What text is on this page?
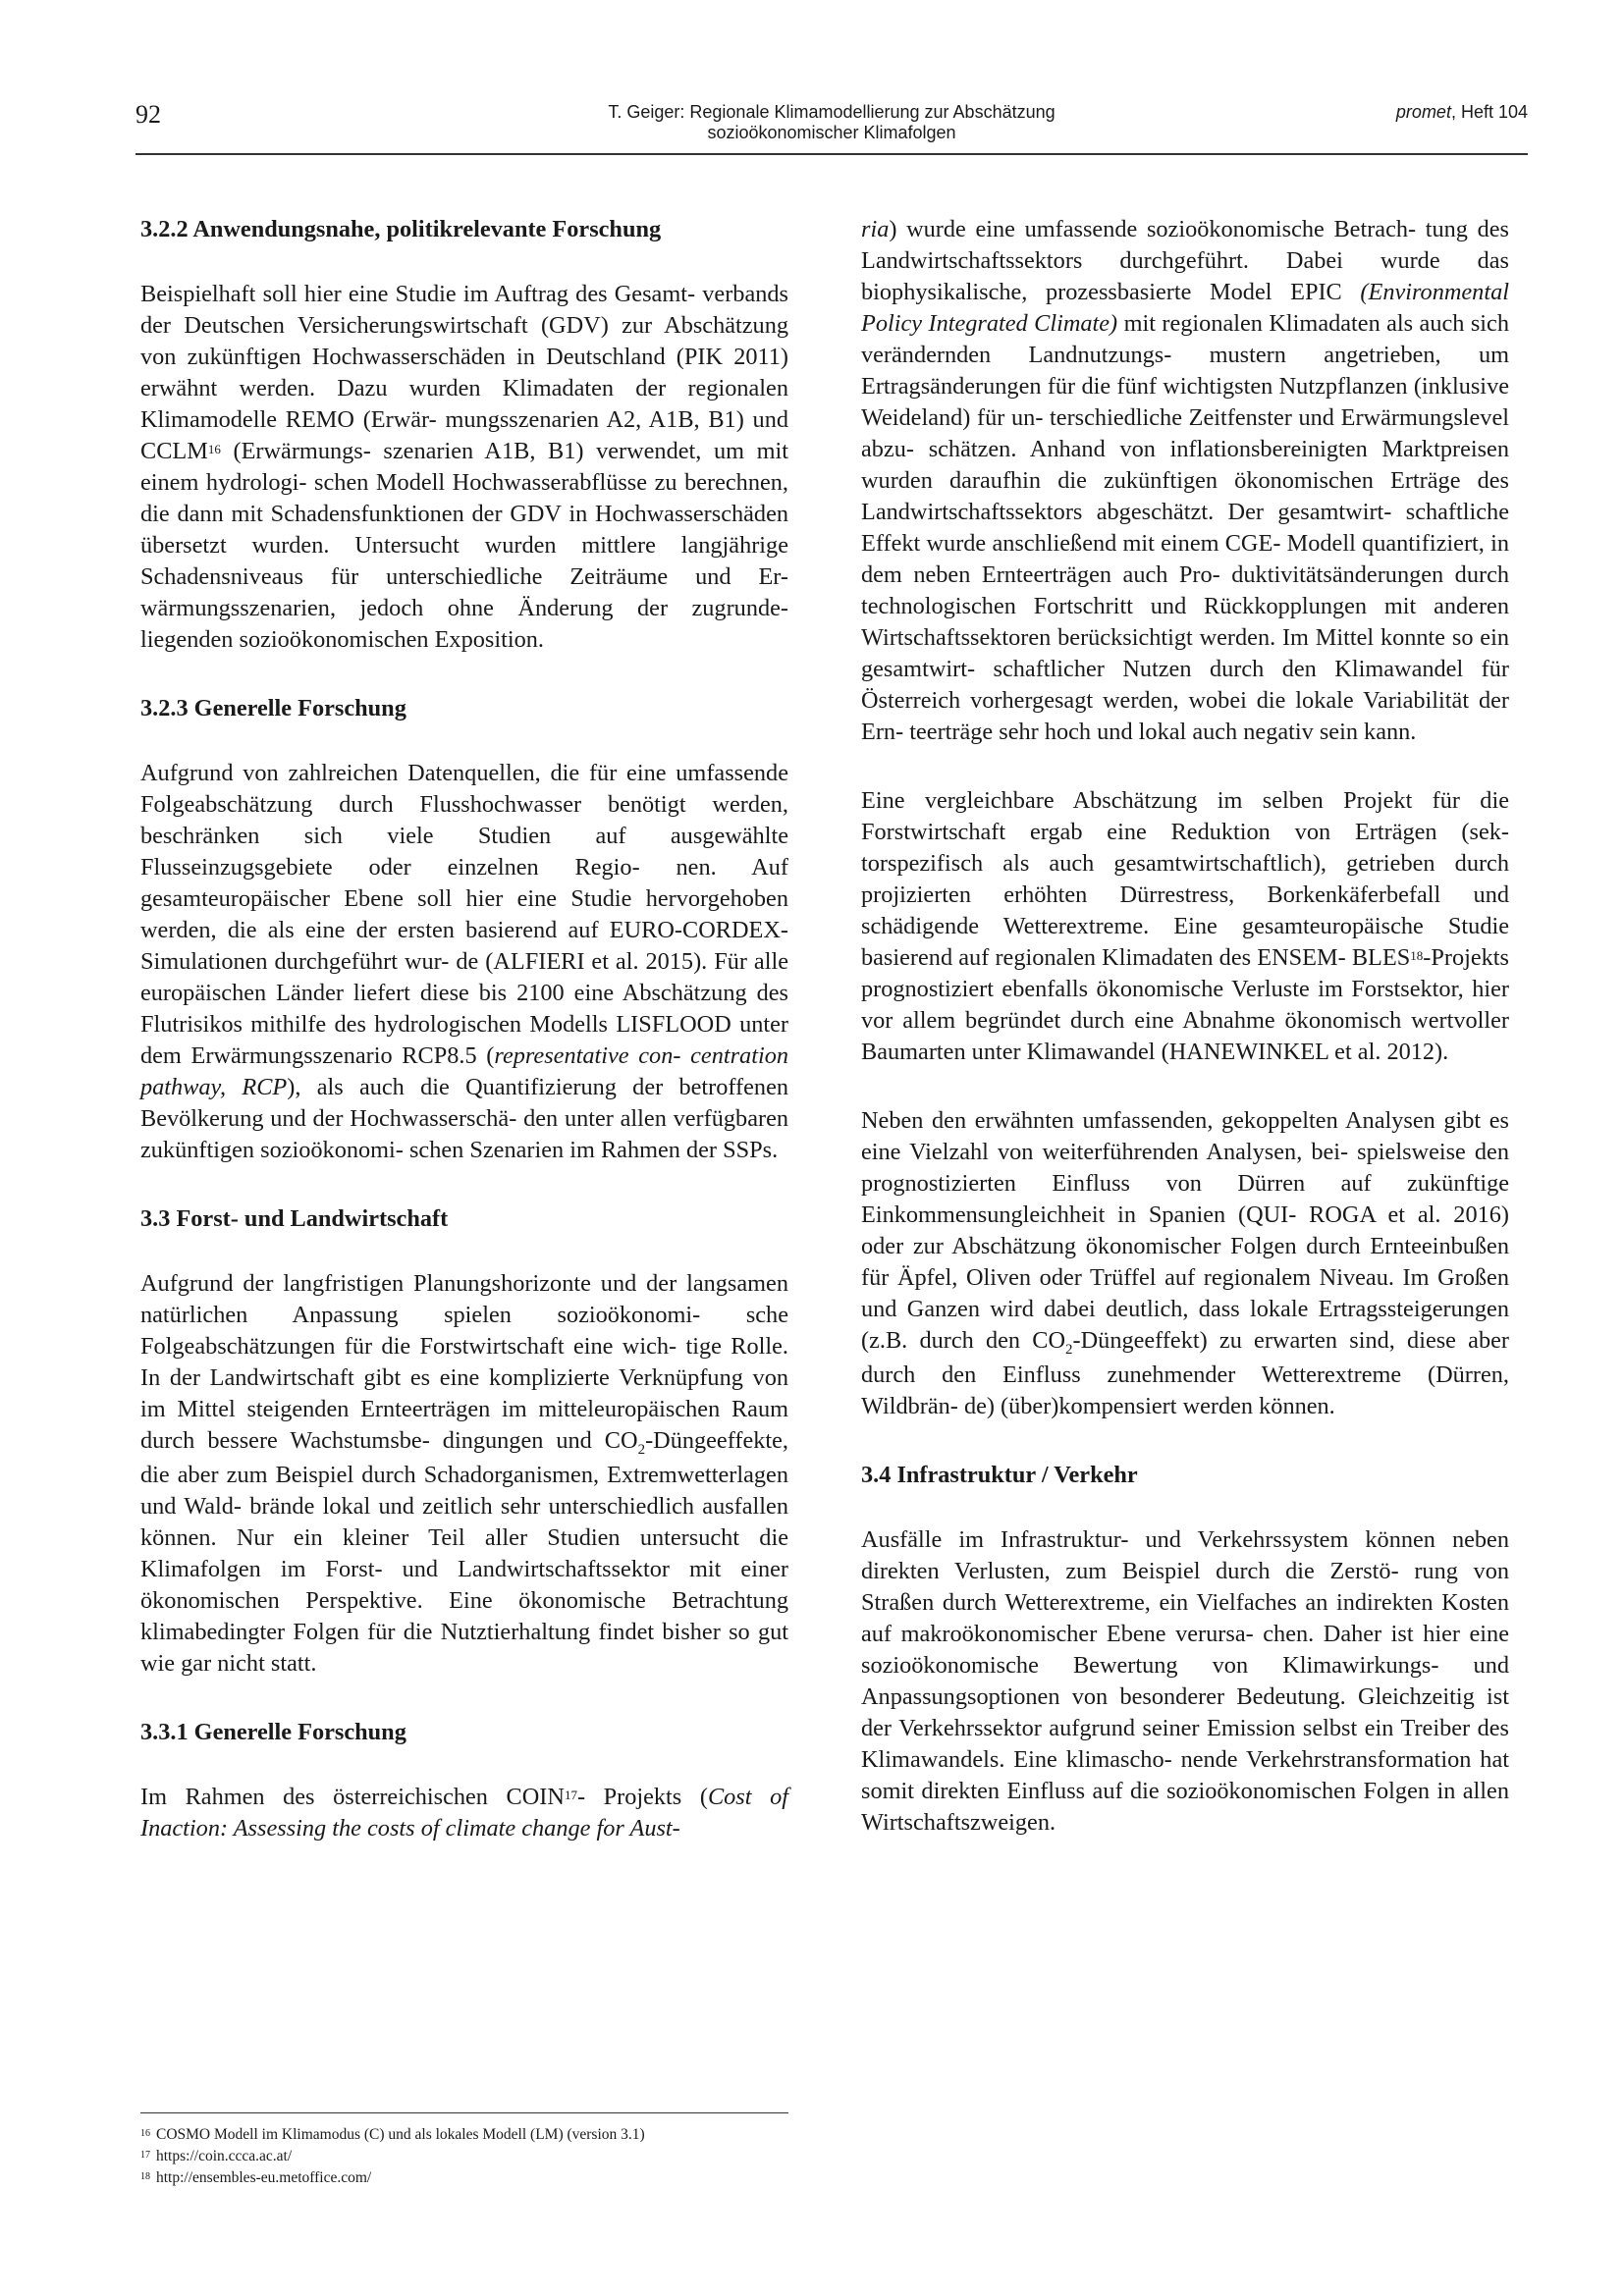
92	T. Geiger: Regionale Klimamodellierung zur Abschätzung
sozioökonomischer Klimafolgen
promet, Heft 104
3.2.2 Anwendungsnahe, politikrelevante Forschung

Beispielhaft soll hier eine Studie im Auftrag des Gesamt- verbands der Deutschen Versicherungswirtschaft (GDV) zur Abschätzung von zukünftigen Hochwasserschäden in Deutschland (PIK 2011) erwähnt werden. Dazu wurden Klimadaten der regionalen Klimamodelle REMO (Erwär- mungsszenarien A2, A1B, B1) und CCLM$^{16}$ (Erwärmungs- szenarien A1B, B1) verwendet, um mit einem hydrologi- schen Modell Hochwasserabflüsse zu berechnen, die dann mit Schadensfunktionen der GDV in Hochwasserschäden übersetzt wurden. Untersucht wurden mittlere langjährige Schadensniveaus für unterschiedliche Zeiträume und Er- wärmungsszenarien, jedoch ohne Änderung der zugrunde- liegenden sozioökonomischen Exposition.

3.2.3 Generelle Forschung

Aufgrund von zahlreichen Datenquellen, die für eine umfassende Folgeabschätzung durch Flusshochwasser benötigt werden, beschränken sich viele Studien auf ausgewählte Flusseinzugsgebiete oder einzelnen Regio- nen. Auf gesamteuropäischer Ebene soll hier eine Studie hervorgehoben werden, die als eine der ersten basierend auf EURO-CORDEX-Simulationen durchgeführt wur- de (ALFIERI et al. 2015). Für alle europäischen Länder liefert diese bis 2100 eine Abschätzung des Flutrisikos mithilfe des hydrologischen Modells LISFLOOD unter dem Erwärmungsszenario RCP8.5 (representative con- centration pathway, RCP), als auch die Quantifizierung der betroffenen Bevölkerung und der Hochwasserschä- den unter allen verfügbaren zukünftigen sozioökonomi- schen Szenarien im Rahmen der SSPs.

3.3 Forst- und Landwirtschaft

Aufgrund der langfristigen Planungshorizonte und der langsamen natürlichen Anpassung spielen sozioökonomi- sche Folgeabschätzungen für die Forstwirtschaft eine wich- tige Rolle. In der Landwirtschaft gibt es eine komplizierte Verknüpfung von im Mittel steigenden Ernteerträgen im mitteleuropäischen Raum durch bessere Wachstumsbe- dingungen und $CO_2$-Düngeeffekte, die aber zum Beispiel durch Schadorganismen, Extremwetterlagen und Wald- brände lokal und zeitlich sehr unterschiedlich ausfallen können. Nur ein kleiner Teil aller Studien untersucht die Klimafolgen im Forst- und Landwirtschaftssektor mit einer ökonomischen Perspektive. Eine ökonomische Betrachtung klimabedingter Folgen für die Nutztierhaltung findet bisher so gut wie gar nicht statt.

3.3.1 Generelle Forschung

Im Rahmen des österreichischen COIN$^{17}$- Projekts (Cost of Inaction: Assessing the costs of climate change for Aust-

ria) wurde eine umfassende sozioökonomische Betrach- tung des Landwirtschaftssektors durchgeführt. Dabei wurde das biophysikalische, prozessbasierte Model EPIC (Environmental Policy Integrated Climate) mit regionalen Klimadaten als auch sich verändernden Landnutzungs- mustern angetrieben, um Ertragsänderungen für die fünf wichtigsten Nutzpflanzen (inklusive Weideland) für un- terschiedliche Zeitfenster und Erwärmungslevel abzu- schätzen. Anhand von inflationsbereinigten Marktpreisen wurden daraufhin die zukünftigen ökonomischen Erträge des Landwirtschaftssektors abgeschätzt. Der gesamtwirt- schaftliche Effekt wurde anschließend mit einem CGE- Modell quantifiziert, in dem neben Ernteerträgen auch Pro- duktivitätsänderungen durch technologischen Fortschritt und Rückkopplungen mit anderen Wirtschaftssektoren berücksichtigt werden. Im Mittel konnte so ein gesamtwirt- schaftlicher Nutzen durch den Klimawandel für Österreich vorhergesagt werden, wobei die lokale Variabilität der Ern- teerträge sehr hoch und lokal auch negativ sein kann.

Eine vergleichbare Abschätzung im selben Projekt für die Forstwirtschaft ergab eine Reduktion von Erträgen (sek- torspezifisch als auch gesamtwirtschaftlich), getrieben durch projizierten erhöhten Dürrestress, Borkenkäferbefall und schädigende Wetterextreme. Eine gesamteuropäische Studie basierend auf regionalen Klimadaten des ENSEM- BLES$^{18}$-Projekts prognostiziert ebenfalls ökonomische Verluste im Forstsektor, hier vor allem begründet durch eine Abnahme ökonomisch wertvoller Baumarten unter Klimawandel (HANEWINKEL et al. 2012).

Neben den erwähnten umfassenden, gekoppelten Analysen gibt es eine Vielzahl von weiterführenden Analysen, bei- spielsweise den prognostizierten Einfluss von Dürren auf zukünftige Einkommensungleichheit in Spanien (QUI- ROGA et al. 2016) oder zur Abschätzung ökonomischer Folgen durch Ernteeinbußen für Äpfel, Oliven oder Trüffel auf regionalem Niveau. Im Großen und Ganzen wird dabei deutlich, dass lokale Ertragssteigerungen (z.B. durch den $CO_2-Düngeeffekt$) zu erwarten sind, diese aber durch den Einfluss zunehmender Wetterextreme (Dürren, Wildbrän- de) (über)kompensiert werden können.

3.4 Infrastruktur / Verkehr

Ausfälle im Infrastruktur- und Verkehrssystem können neben direkten Verlusten, zum Beispiel durch die Zerstö- rung von Straßen durch Wetterextreme, ein Vielfaches an indirekten Kosten auf makroökonomischer Ebene verursa- chen. Daher ist hier eine sozioökonomische Bewertung von Klimawirkungs- und Anpassungsoptionen von besonderer Bedeutung. Gleichzeitig ist der Verkehrssektor aufgrund seiner Emission selbst ein Treiber des Klimawandels. Eine klimascho- nende Verkehrstransformation hat somit direkten Einfluss auf die sozioökonomischen Folgen in allen Wirtschaftszweigen.

$^{16}$ COSMO Modell im Klimamodus (C) und als lokales Modell (LM) (version 3.1)
$^{17}$ https://coin.ccca.ac.at/
$^{18}$ http://ensembles-eu.metoffice.com/
